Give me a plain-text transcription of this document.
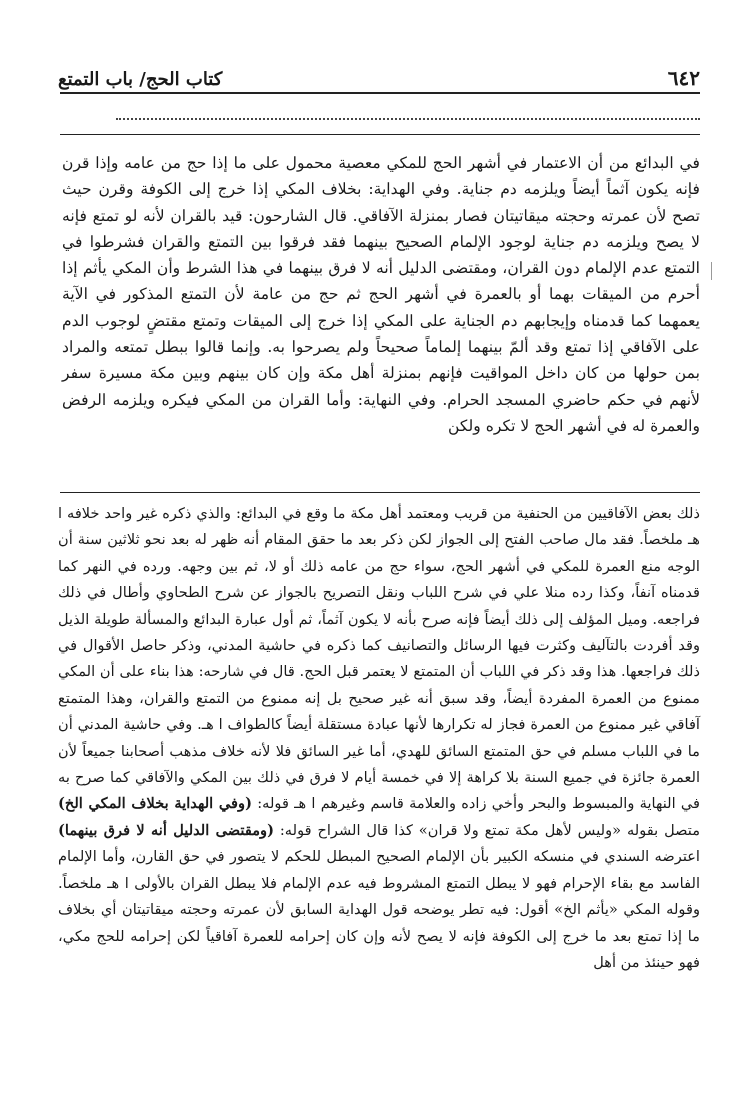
٦٤٢
كتاب الحج/ باب التمتع

في البدائع من أن الاعتمار في أشهر الحج للمكي معصية محمول على ما إذا حج من عامه وإذا قرن فإنه يكون آثماً أيضاً ويلزمه دم جناية. وفي الهداية: بخلاف المكي إذا خرج إلى الكوفة وقرن حيث تصح لأن عمرته وحجته ميقاتيتان فصار بمنزلة الآفاقي. قال الشارحون: قيد بالقران لأنه لو تمتع فإنه لا يصح ويلزمه دم جناية لوجود الإلمام الصحيح بينهما فقد فرقوا بين التمتع والقران فشرطوا في التمتع عدم الإلمام دون القران، ومقتضى الدليل أنه لا فرق بينهما في هذا الشرط وأن المكي يأثم إذا أحرم من الميقات بهما أو بالعمرة في أشهر الحج ثم حج من عامة لأن التمتع المذكور في الآية يعمهما كما قدمناه وإيجابهم دم الجناية على المكي إذا خرج إلى الميقات وتمتع مقتضٍ لوجوب الدم على الآفاقي إذا تمتع وقد ألمّ بينهما إلماماً صحيحاً ولم يصرحوا به. وإنما قالوا ببطل تمتعه والمراد بمن حولها من كان داخل المواقيت فإنهم بمنزلة أهل مكة وإن كان بينهم وبين مكة مسيرة سفر لأنهم في حكم حاضري المسجد الحرام. وفي النهاية: وأما القران من المكي فيكره ويلزمه الرفض والعمرة له في أشهر الحج لا تكره ولكن

ذلك بعض الآفاقيين من الحنفية من قريب ومعتمد أهل مكة ما وقع في البدائع: والذي ذكره غير واحد خلافه ا هـ ملخصاً. فقد مال صاحب الفتح إلى الجواز لكن ذكر بعد ما حقق المقام أنه ظهر له بعد نحو ثلاثين سنة أن الوجه منع العمرة للمكي في أشهر الحج، سواء حج من عامه ذلك أو لا، ثم بين وجهه. ورده في النهر كما قدمناه آنفاً، وكذا رده منلا علي في شرح اللباب ونقل التصريح بالجواز عن شرح الطحاوي وأطال في ذلك فراجعه. وميل المؤلف إلى ذلك أيضاً فإنه صرح بأنه لا يكون آثماً، ثم أول عبارة البدائع والمسألة طويلة الذيل وقد أفردت بالتآليف وكثرت فيها الرسائل والتصانيف كما ذكره في حاشية المدني، وذكر حاصل الأقوال في ذلك فراجعها. هذا وقد ذكر في اللباب أن المتمتع لا يعتمر قبل الحج. قال في شارحه: هذا بناء على أن المكي ممنوع من العمرة المفردة أيضاً، وقد سبق أنه غير صحيح بل إنه ممنوع من التمتع والقران، وهذا المتمتع آفاقي غير ممنوع من العمرة فجاز له تكرارها لأنها عبادة مستقلة أيضاً كالطواف ا هـ. وفي حاشية المدني أن ما في اللباب مسلم في حق المتمتع السائق للهدي، أما غير السائق فلا لأنه خلاف مذهب أصحابنا جميعاً لأن العمرة جائزة في جميع السنة بلا كراهة إلا في خمسة أيام لا فرق في ذلك بين المكي والآفاقي كما صرح به في النهاية والمبسوط والبحر وأخي زاده والعلامة قاسم وغيرهم ا هـ قوله: (وفي الهداية بخلاف المكي الخ) متصل بقوله «وليس لأهل مكة تمتع ولا قران» كذا قال الشراح قوله: (ومقتضى الدليل أنه لا فرق بينهما) اعترضه السندي في منسكه الكبير بأن الإلمام الصحيح المبطل للحكم لا يتصور في حق القارن، وأما الإلمام الفاسد مع بقاء الإحرام فهو لا يبطل التمتع المشروط فيه عدم الإلمام فلا يبطل القران بالأولى ا هـ ملخصاً. وقوله المكي «يأثم الخ» أقول: فيه تطر يوضحه قول الهداية السابق لأن عمرته وحجته ميقاتيتان أي بخلاف ما إذا تمتع بعد ما خرج إلى الكوفة فإنه لا يصح لأنه وإن كان إحرامه للعمرة آفاقياً لكن إحرامه للحج مكي، فهو حينئذ من أهل
